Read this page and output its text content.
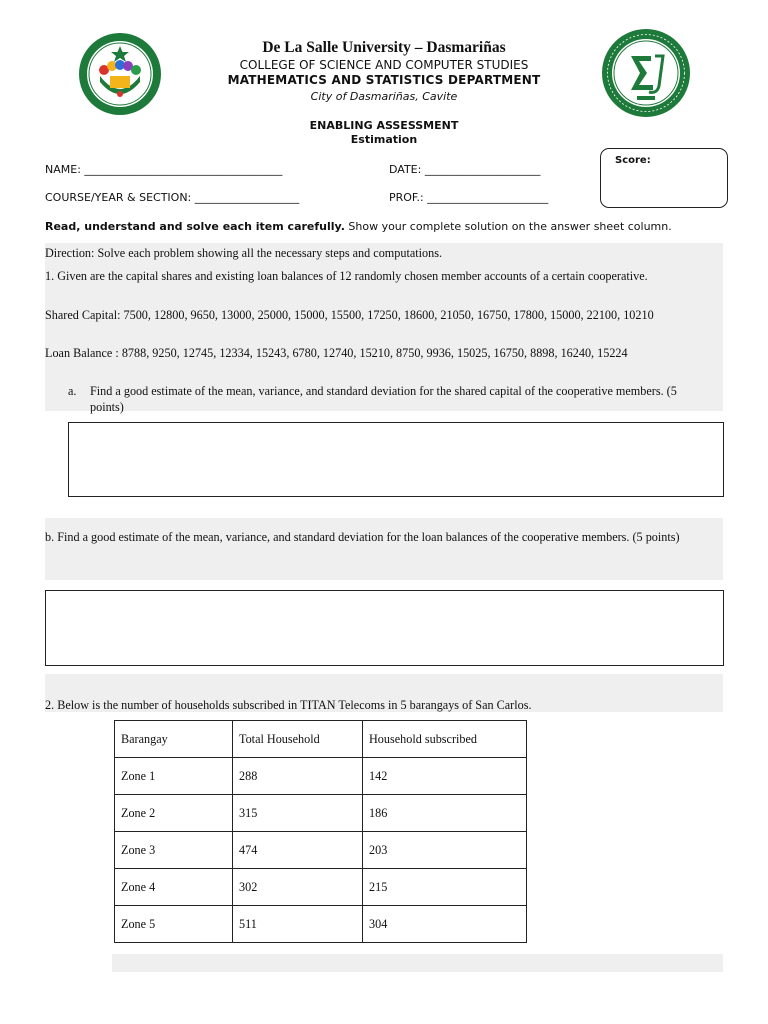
De La Salle University – Dasmariñas
COLLEGE OF SCIENCE AND COMPUTER STUDIES
MATHEMATICS AND STATISTICS DEPARTMENT
City of Dasmariñas, Cavite
ENABLING ASSESSMENT
Estimation
NAME: ____________________________________	DATE: _____________________
COURSE/YEAR & SECTION: ___________________	PROF.: ______________________
Score:
Read, understand and solve each item carefully. Show your complete solution on the answer sheet column.
Direction: Solve each problem showing all the necessary steps and computations.
1. Given are the capital shares and existing loan balances of 12 randomly chosen member accounts of a certain cooperative.
Shared Capital: 7500, 12800, 9650, 13000, 25000, 15000, 15500, 17250, 18600, 21050, 16750, 17800, 15000, 22100, 10210
Loan Balance : 8788, 9250, 12745, 12334, 15243, 6780, 12740, 15210, 8750, 9936, 15025, 16750, 8898, 16240, 15224
a. Find a good estimate of the mean, variance, and standard deviation for the shared capital of the cooperative members. (5 points)
b. Find a good estimate of the mean, variance, and standard deviation for the loan balances of the cooperative members. (5 points)
2. Below is the number of households subscribed in TITAN Telecoms in 5 barangays of San Carlos.
Barangay	Total Household	Household subscribed
Zone 1	288	142
Zone 2	315	186
Zone 3	474	203
Zone 4	302	215
Zone 5	511	304
